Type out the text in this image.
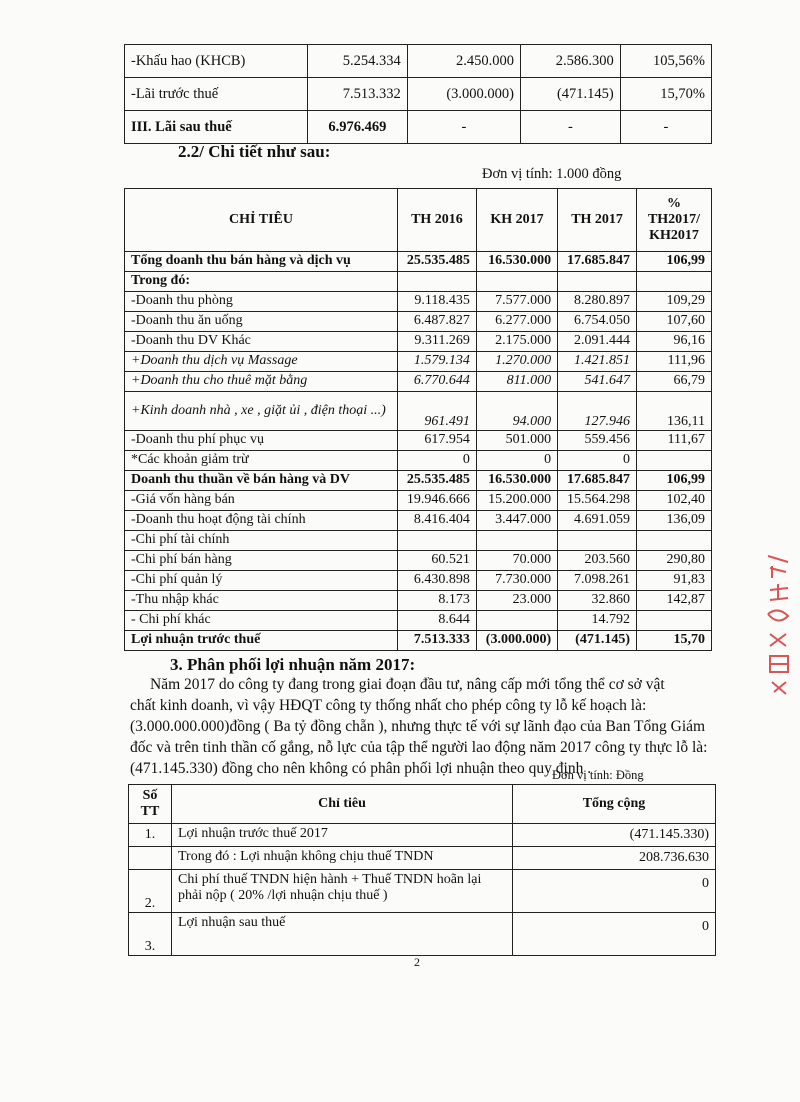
-Khấu hao (KHCB)	5.254.334	2.450.000	2.586.300	105,56%
-Lãi trước thuế	7.513.332	(3.000.000)	(471.145)	15,70%
III. Lãi sau thuế	6.976.469	-	-	-
2.2/ Chi tiết như sau:
Đơn vị tính: 1.000 đồng
CHỈ TIÊU	TH 2016	KH 2017	TH 2017	% TH2017/ KH2017
Tổng doanh thu bán hàng và dịch vụ	25.535.485	16.530.000	17.685.847	106,99
Trong đó:				
-Doanh thu phòng	9.118.435	7.577.000	8.280.897	109,29
-Doanh thu ăn uống	6.487.827	6.277.000	6.754.050	107,60
-Doanh thu DV Khác	9.311.269	2.175.000	2.091.444	96,16
+Doanh thu dịch vụ Massage	1.579.134	1.270.000	1.421.851	111,96
+Doanh thu cho thuê mặt bằng	6.770.644	811.000	541.647	66,79
+Kinh doanh nhà , xe , giặt ủi , điện thoại ...)	961.491	94.000	127.946	136,11
-Doanh thu phí phục vụ	617.954	501.000	559.456	111,67
*Các khoản giảm trừ	0	0	0	
Doanh thu thuần về bán hàng và DV	25.535.485	16.530.000	17.685.847	106,99
-Giá vốn hàng bán	19.946.666	15.200.000	15.564.298	102,40
-Doanh thu hoạt động tài chính	8.416.404	3.447.000	4.691.059	136,09
-Chi phí tài chính				
-Chi phí bán hàng	60.521	70.000	203.560	290,80
-Chi phí quản lý	6.430.898	7.730.000	7.098.261	91,83
-Thu nhập khác	8.173	23.000	32.860	142,87
- Chi phí khác	8.644		14.792	
Lợi nhuận trước thuế	7.513.333	(3.000.000)	(471.145)	15,70
3. Phân phối lợi nhuận năm 2017:
Năm 2017 do công ty đang trong giai đoạn đầu tư, nâng cấp mới tổng thể cơ sở vật
chất kinh doanh, vì vậy HĐQT công ty thống nhất cho phép công ty lỗ kế hoạch là:
(3.000.000.000)đồng ( Ba tỷ đồng chẵn ), nhưng thực tế với sự lãnh đạo của Ban Tổng Giám
đốc và trên tinh thần cố gắng, nỗ lực của tập thể người lao động năm 2017 công ty thực lỗ là:
(471.145.330) đồng cho nên không có phân phối lợi nhuận theo quy định .
Đơn vị tính: Đồng
Số TT	Chỉ tiêu	Tổng cộng
1.	Lợi nhuận trước thuế 2017	(471.145.330)
	Trong đó : Lợi nhuận không chịu thuế TNDN	208.736.630
2.	Chi phí thuế TNDN hiện hành + Thuế TNDN hoãn lại phải nộp ( 20% /lợi nhuận chịu thuế )	0
3.	Lợi nhuận sau thuế	0
2
